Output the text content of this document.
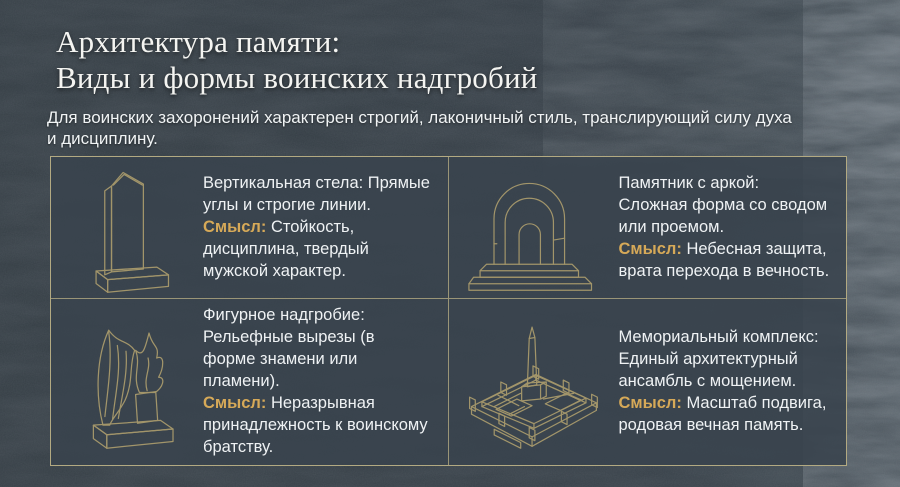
Архитектура памяти:
Виды и формы воинских надгробий
Для воинских захоронений характерен строгий, лаконичный стиль, транслирующий силу духа и дисциплину.
Вертикальная стела: Прямые углы и строгие линии.
Смысл: Стойкость, дисциплина, твердый мужской характер.
Памятник с аркой: Сложная форма со сводом или проемом.
Смысл: Небесная защита, врата перехода в вечность.
Фигурное надгробие: Рельефные вырезы (в форме знамени или пламени).
Смысл: Неразрывная принадлежность к воинскому братству.
Мемориальный комплекс: Единый архитектурный ансамбль с мощением.
Смысл: Масштаб подвига, родовая вечная память.
